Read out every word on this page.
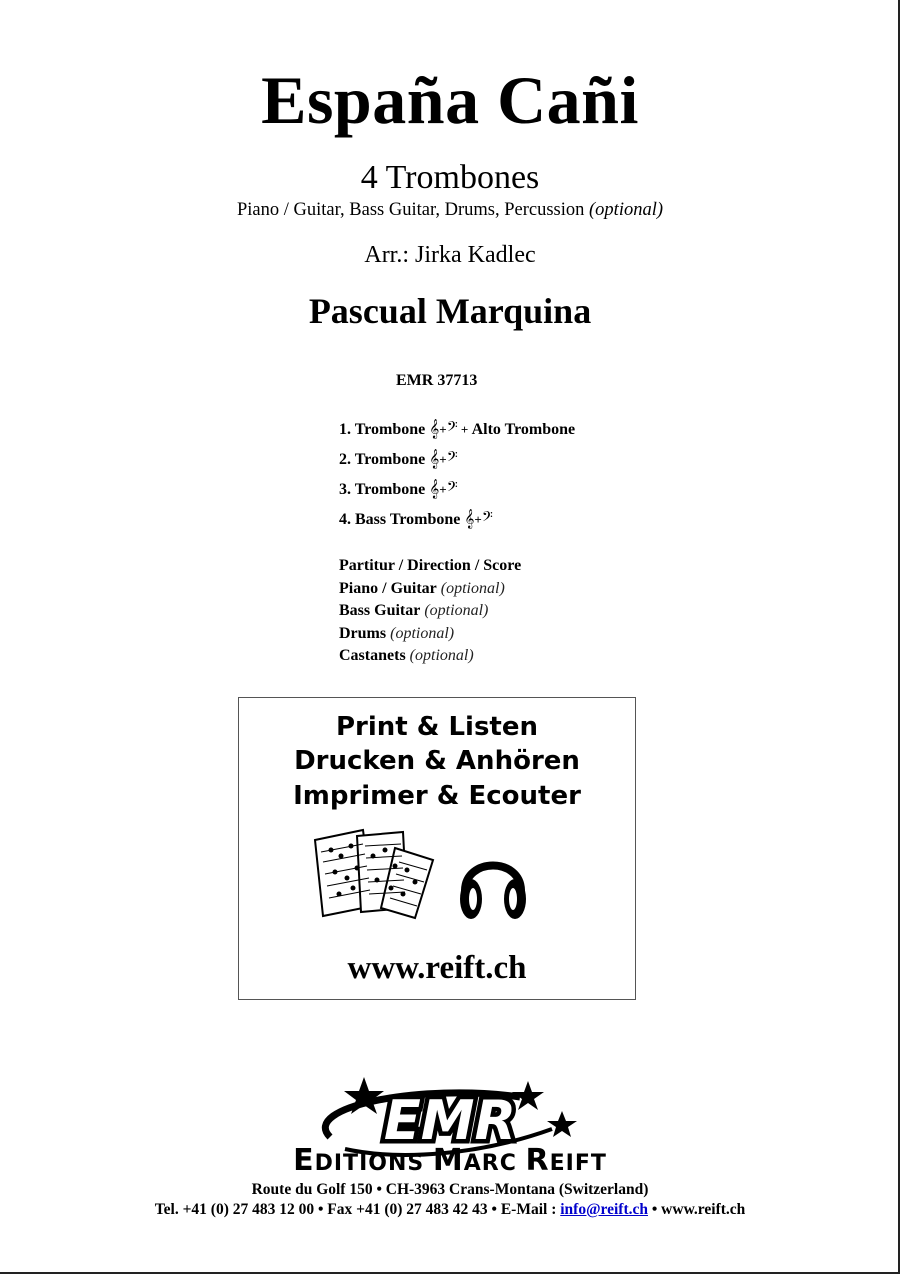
España Cañi
4 Trombones
Piano / Guitar, Bass Guitar, Drums, Percussion (optional)
Arr.: Jirka Kadlec
Pascual Marquina
EMR 37713
1. Trombone 𝄞+𝄢 + Alto Trombone
2. Trombone 𝄞+𝄢
3. Trombone 𝄞+𝄢
4. Bass Trombone 𝄞+𝄢
Partitur / Direction / Score
Piano / Guitar (optional)
Bass Guitar (optional)
Drums (optional)
Castanets (optional)
Print & Listen
Drucken & Anhören
Imprimer & Ecouter
www.reift.ch
EMR
EDITIONS MARC REIFT
Route du Golf 150 • CH-3963 Crans-Montana (Switzerland)
Tel. +41 (0) 27 483 12 00 • Fax +41 (0) 27 483 42 43 • E-Mail : info@reift.ch • www.reift.ch
